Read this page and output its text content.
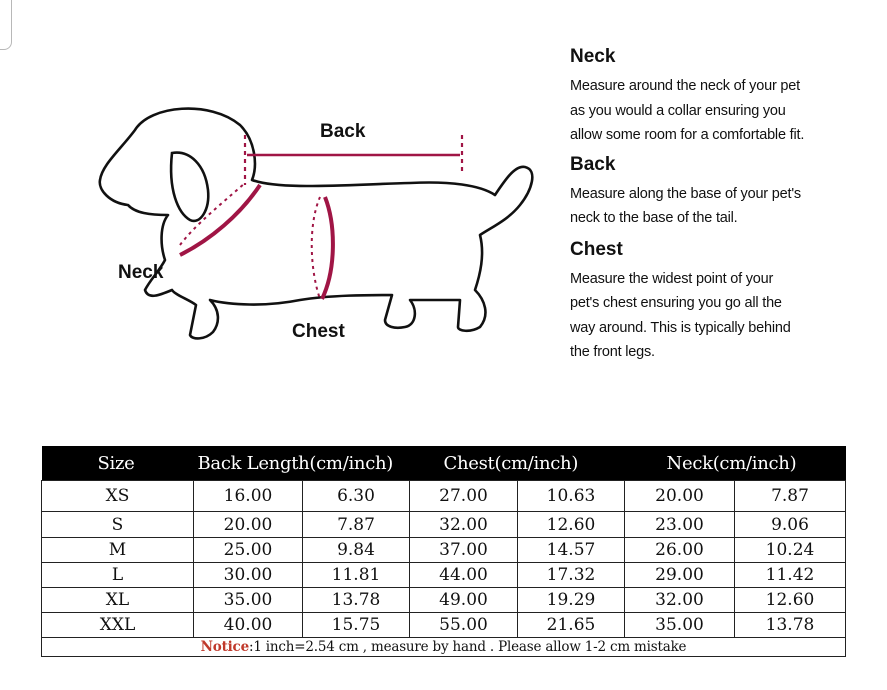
Back
Neck
Chest

Neck

Measure around the neck of your pet as you would a collar ensuring you allow some room for a comfortable fit.

Back

Measure along the base of your pet's neck to the base of the tail.

Chest

Measure the widest point of your pet's chest ensuring you go all the way around. This is typically behind the front legs.

Size	Back Length(cm/inch)		Chest(cm/inch)		Neck(cm/inch)	
XS	16.00	6.30	27.00	10.63	20.00	7.87
S	20.00	7.87	32.00	12.60	23.00	9.06
M	25.00	9.84	37.00	14.57	26.00	10.24
L	30.00	11.81	44.00	17.32	29.00	11.42
XL	35.00	13.78	49.00	19.29	32.00	12.60
XXL	40.00	15.75	55.00	21.65	35.00	13.78
Notice:1 inch=2.54 cm , measure by hand . Please allow 1-2 cm mistake						
